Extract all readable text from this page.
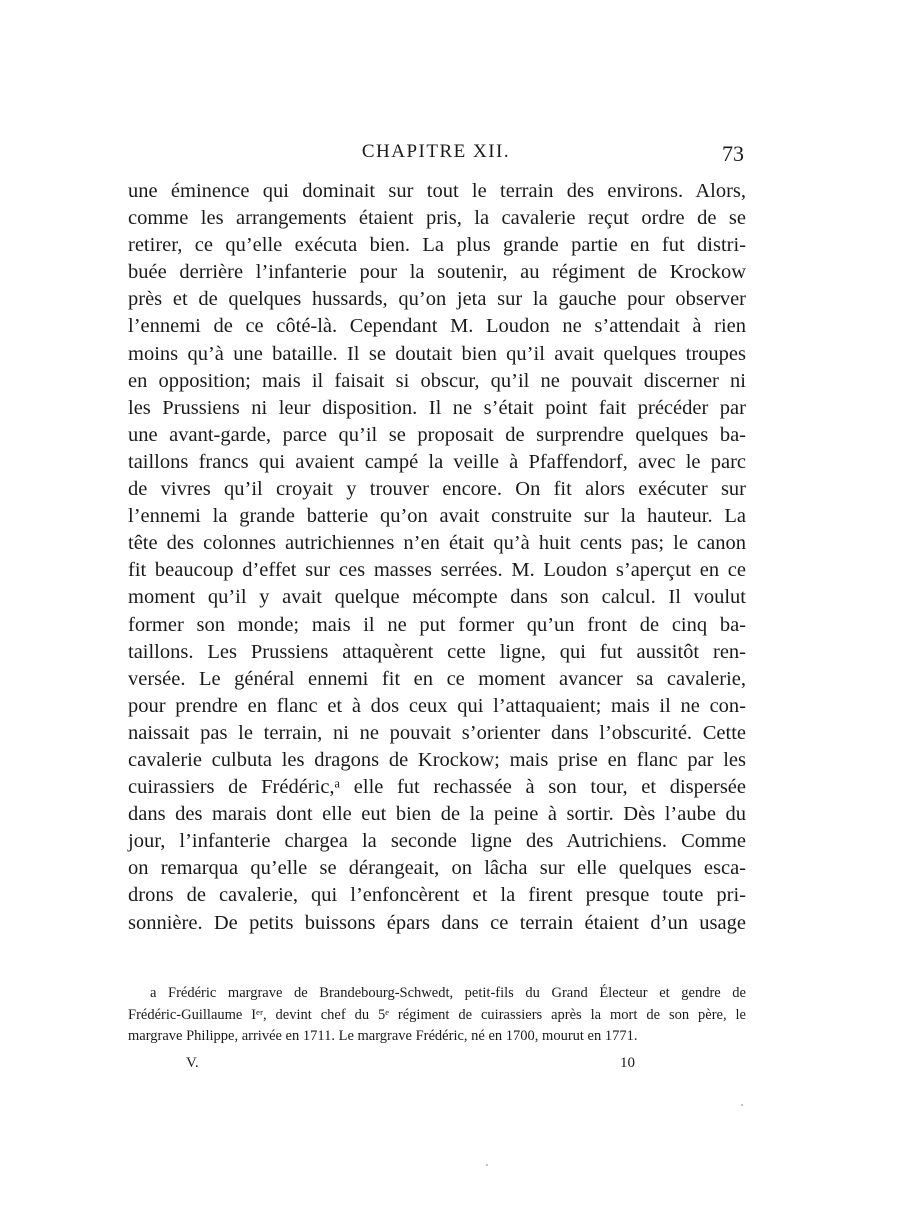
CHAPITRE XII.	73
une éminence qui dominait sur tout le terrain des environs. Alors,
comme les arrangements étaient pris, la cavalerie reçut ordre de se
retirer, ce qu’elle exécuta bien. La plus grande partie en fut distri-
buée derrière l’infanterie pour la soutenir, au régiment de Krockow
près et de quelques hussards, qu’on jeta sur la gauche pour observer
l’ennemi de ce côté-là. Cependant M. Loudon ne s’attendait à rien
moins qu’à une bataille. Il se doutait bien qu’il avait quelques troupes
en opposition; mais il faisait si obscur, qu’il ne pouvait discerner ni
les Prussiens ni leur disposition. Il ne s’était point fait précéder par
une avant-garde, parce qu’il se proposait de surprendre quelques ba-
taillons francs qui avaient campé la veille à Pfaffendorf, avec le parc
de vivres qu’il croyait y trouver encore. On fit alors exécuter sur
l’ennemi la grande batterie qu’on avait construite sur la hauteur. La
tête des colonnes autrichiennes n’en était qu’à huit cents pas; le canon
fit beaucoup d’effet sur ces masses serrées. M. Loudon s’aperçut en ce
moment qu’il y avait quelque mécompte dans son calcul. Il voulut
former son monde; mais il ne put former qu’un front de cinq ba-
taillons. Les Prussiens attaquèrent cette ligne, qui fut aussitôt ren-
versée. Le général ennemi fit en ce moment avancer sa cavalerie,
pour prendre en flanc et à dos ceux qui l’attaquaient; mais il ne con-
naissait pas le terrain, ni ne pouvait s’orienter dans l’obscurité. Cette
cavalerie culbuta les dragons de Krockow; mais prise en flanc par les
cuirassiers de Frédéric,ᵃ elle fut rechassée à son tour, et dispersée
dans des marais dont elle eut bien de la peine à sortir. Dès l’aube du
jour, l’infanterie chargea la seconde ligne des Autrichiens. Comme
on remarqua qu’elle se dérangeait, on lâcha sur elle quelques esca-
drons de cavalerie, qui l’enfoncèrent et la firent presque toute pri-
sonnière. De petits buissons épars dans ce terrain étaient d’un usage
a Frédéric margrave de Brandebourg-Schwedt, petit-fils du Grand Électeur et gendre de
Frédéric-Guillaume Iᵉʳ, devint chef du 5ᵉ régiment de cuirassiers après la mort de son père, le
margrave Philippe, arrivée en 1711. Le margrave Frédéric, né en 1700, mourut en 1771.
V.	10
